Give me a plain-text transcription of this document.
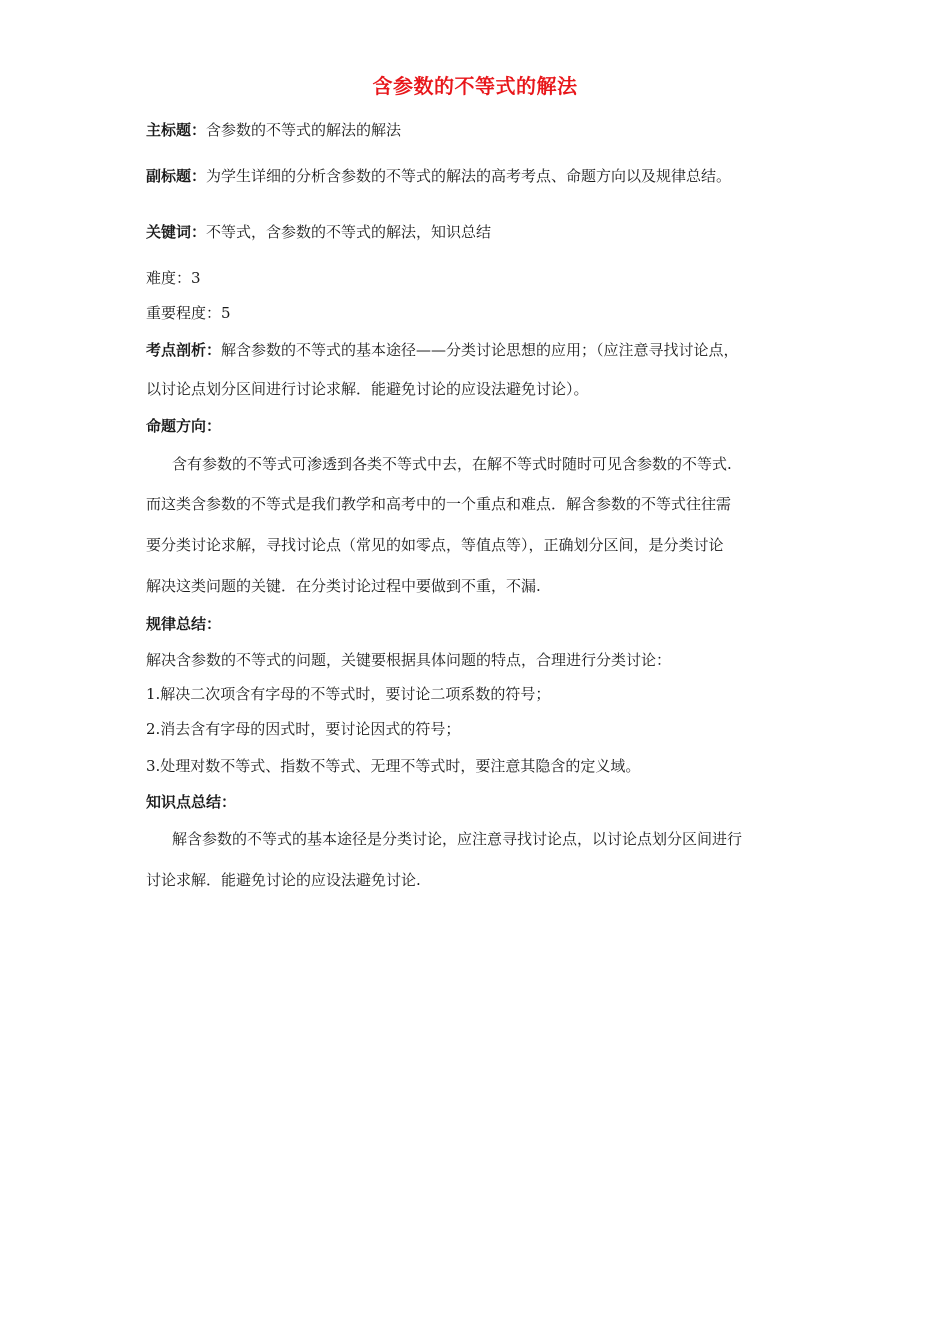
含参数的不等式的解法
主标题：含参数的不等式的解法的解法
副标题：为学生详细的分析含参数的不等式的解法的高考考点、命题方向以及规律总结。
关键词：不等式，含参数的不等式的解法，知识总结
难度：3
重要程度：5
考点剖析：解含参数的不等式的基本途径——分类讨论思想的应用；（应注意寻找讨论点，
以讨论点划分区间进行讨论求解．能避免讨论的应设法避免讨论）。
命题方向：
含有参数的不等式可渗透到各类不等式中去，在解不等式时随时可见含参数的不等式.
而这类含参数的不等式是我们教学和高考中的一个重点和难点．解含参数的不等式往往需
要分类讨论求解，寻找讨论点（常见的如零点，等值点等），正确划分区间，是分类讨论
解决这类问题的关键．在分类讨论过程中要做到不重，不漏.
规律总结：
解决含参数的不等式的问题，关键要根据具体问题的特点，合理进行分类讨论：
1.解决二次项含有字母的不等式时，要讨论二项系数的符号；
2.消去含有字母的因式时，要讨论因式的符号；
3.处理对数不等式、指数不等式、无理不等式时，要注意其隐含的定义域。
知识点总结：
解含参数的不等式的基本途径是分类讨论，应注意寻找讨论点，以讨论点划分区间进行
讨论求解．能避免讨论的应设法避免讨论.
